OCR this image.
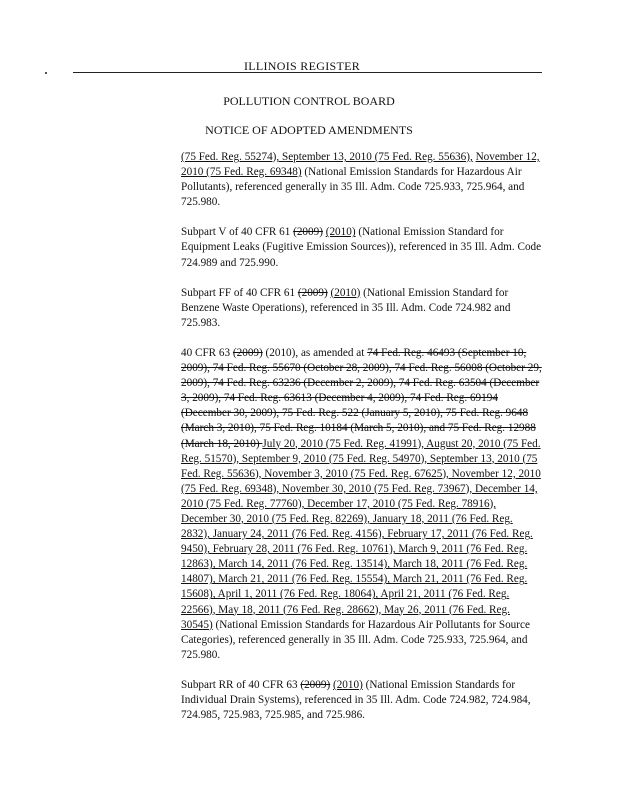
ILLINOIS REGISTER
POLLUTION CONTROL BOARD
NOTICE OF ADOPTED AMENDMENTS

(75 Fed. Reg. 55274), September 13, 2010 (75 Fed. Reg. 55636), November 12, 2010 (75 Fed. Reg. 69348) (National Emission Standards for Hazardous Air Pollutants), referenced generally in 35 Ill. Adm. Code 725.933, 725.964, and 725.980.

Subpart V of 40 CFR 61 (2009) (2010) (National Emission Standard for Equipment Leaks (Fugitive Emission Sources)), referenced in 35 Ill. Adm. Code 724.989 and 725.990.

Subpart FF of 40 CFR 61 (2009) (2010) (National Emission Standard for Benzene Waste Operations), referenced in 35 Ill. Adm. Code 724.982 and 725.983.

40 CFR 63 (2009) (2010), as amended at 74 Fed. Reg. 46493 (September 10, 2009), 74 Fed. Reg. 55670 (October 28, 2009), 74 Fed. Reg. 56008 (October 29, 2009), 74 Fed. Reg. 63236 (December 2, 2009), 74 Fed. Reg. 63504 (December 3, 2009), 74 Fed. Reg. 63613 (December 4, 2009), 74 Fed. Reg. 69194 (December 30, 2009), 75 Fed. Reg. 522 (January 5, 2010), 75 Fed. Reg. 9648 (March 3, 2010), 75 Fed. Reg. 10184 (March 5, 2010), and 75 Fed. Reg. 12988 (March 18, 2010) July 20, 2010 (75 Fed. Reg. 41991), August 20, 2010 (75 Fed. Reg. 51570), September 9, 2010 (75 Fed. Reg. 54970), September 13, 2010 (75 Fed. Reg. 55636), November 3, 2010 (75 Fed. Reg. 67625), November 12, 2010 (75 Fed. Reg. 69348), November 30, 2010 (75 Fed. Reg. 73967), December 14, 2010 (75 Fed. Reg. 77760), December 17, 2010 (75 Fed. Reg. 78916), December 30, 2010 (75 Fed. Reg. 82269), January 18, 2011 (76 Fed. Reg. 2832), January 24, 2011 (76 Fed. Reg. 4156), February 17, 2011 (76 Fed. Reg. 9450), February 28, 2011 (76 Fed. Reg. 10761), March 9, 2011 (76 Fed. Reg. 12863), March 14, 2011 (76 Fed. Reg. 13514), March 18, 2011 (76 Fed. Reg. 14807), March 21, 2011 (76 Fed. Reg. 15554), March 21, 2011 (76 Fed. Reg. 15608), April 1, 2011 (76 Fed. Reg. 18064), April 21, 2011 (76 Fed. Reg. 22566), May 18, 2011 (76 Fed. Reg. 28662), May 26, 2011 (76 Fed. Reg. 30545) (National Emission Standards for Hazardous Air Pollutants for Source Categories), referenced generally in 35 Ill. Adm. Code 725.933, 725.964, and 725.980.

Subpart RR of 40 CFR 63 (2009) (2010) (National Emission Standards for Individual Drain Systems), referenced in 35 Ill. Adm. Code 724.982, 724.984, 724.985, 725.983, 725.985, and 725.986.
